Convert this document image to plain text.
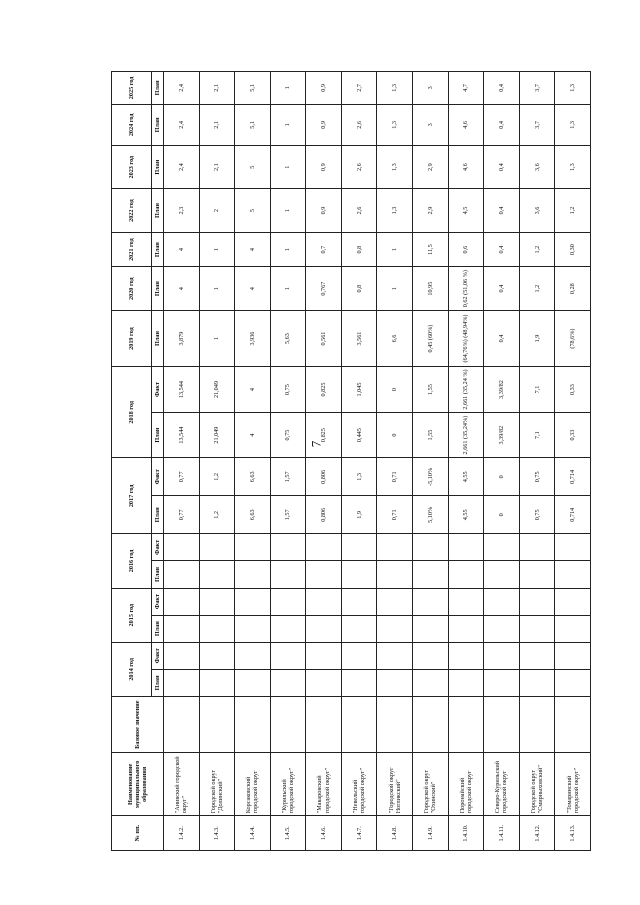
7
№ пп.	Наименование муниципального образования	Базовое значение	2014 год		2015 год		2016 год		2017 год		2018 год		2019 год	2020 год	2021 год	2022 год	2023 год	2024 год	2025 год
			План	Факт	План	Факт	План	Факт	План	Факт	План	Факт	План	План	План	План	План	План	План
1.4.2.	"Анивский городской округ"								0,77	0,77	13,544	13,544	3,879	4	4	2,3	2,4	2,4	2,4
1.4.3.	Городской округ "Долинский"								1,2	1,2	21,049	21,049	1	1	1	2	2,1	2,1	2,1
1.4.4.	Корсаковский городской округ								6,63	6,63	4	4	3,936	4	4	5	5	5,1	5,1
1.4.5.	"Курильский городской округ"								1,57	1,57	0,75	0,75	5,63	1	1	1	1	1	1
1.4.6.	"Макаровский городской округ"								0,806	0,806	0,825	0,825	0,561	0,767	0,7	0,9	0,9	0,9	0,9
1.4.7.	"Невельский городской округ"								1,9	1,3	0,445	1,045	3,561	0,8	0,8	2,6	2,6	2,6	2,7
1.4.8.	"Городской округ Ногликский"								0,71	0,71	0	0	6,6	1	1	1,3	1,3	1,3	1,3
1.4.9.	Городской округ "Охинский"								5,10%	-5,10%	1,55	1,55	0,45 (60%)	10,95	11,5	2,9	2,9	3	3
1.4.10.	Поронайский городской округ								4,55	4,55	2,661 (35,24%)	2,661 (35,24 %)	(64,76%) (48,94%)	0,62 (51,06 %)	0,6	4,5	4,6	4,6	4,7
1.4.11.	Северо-Курильский городской округ								0	0	3,39/82	3,39/82	0,4	0,4	0,4	0,4	0,4	0,4	0,4
1.4.12.	Городской округ "Смирныховский"								0,75	0,75	7,1	7,1	1,9	1,2	1,2	3,6	3,6	3,7	3,7
1.4.13.	"Томаринский городской округ"								0,714	0,714	0,33	0,33	(78,6%)	0,28	0,30	1,2	1,3	1,3	1,3
